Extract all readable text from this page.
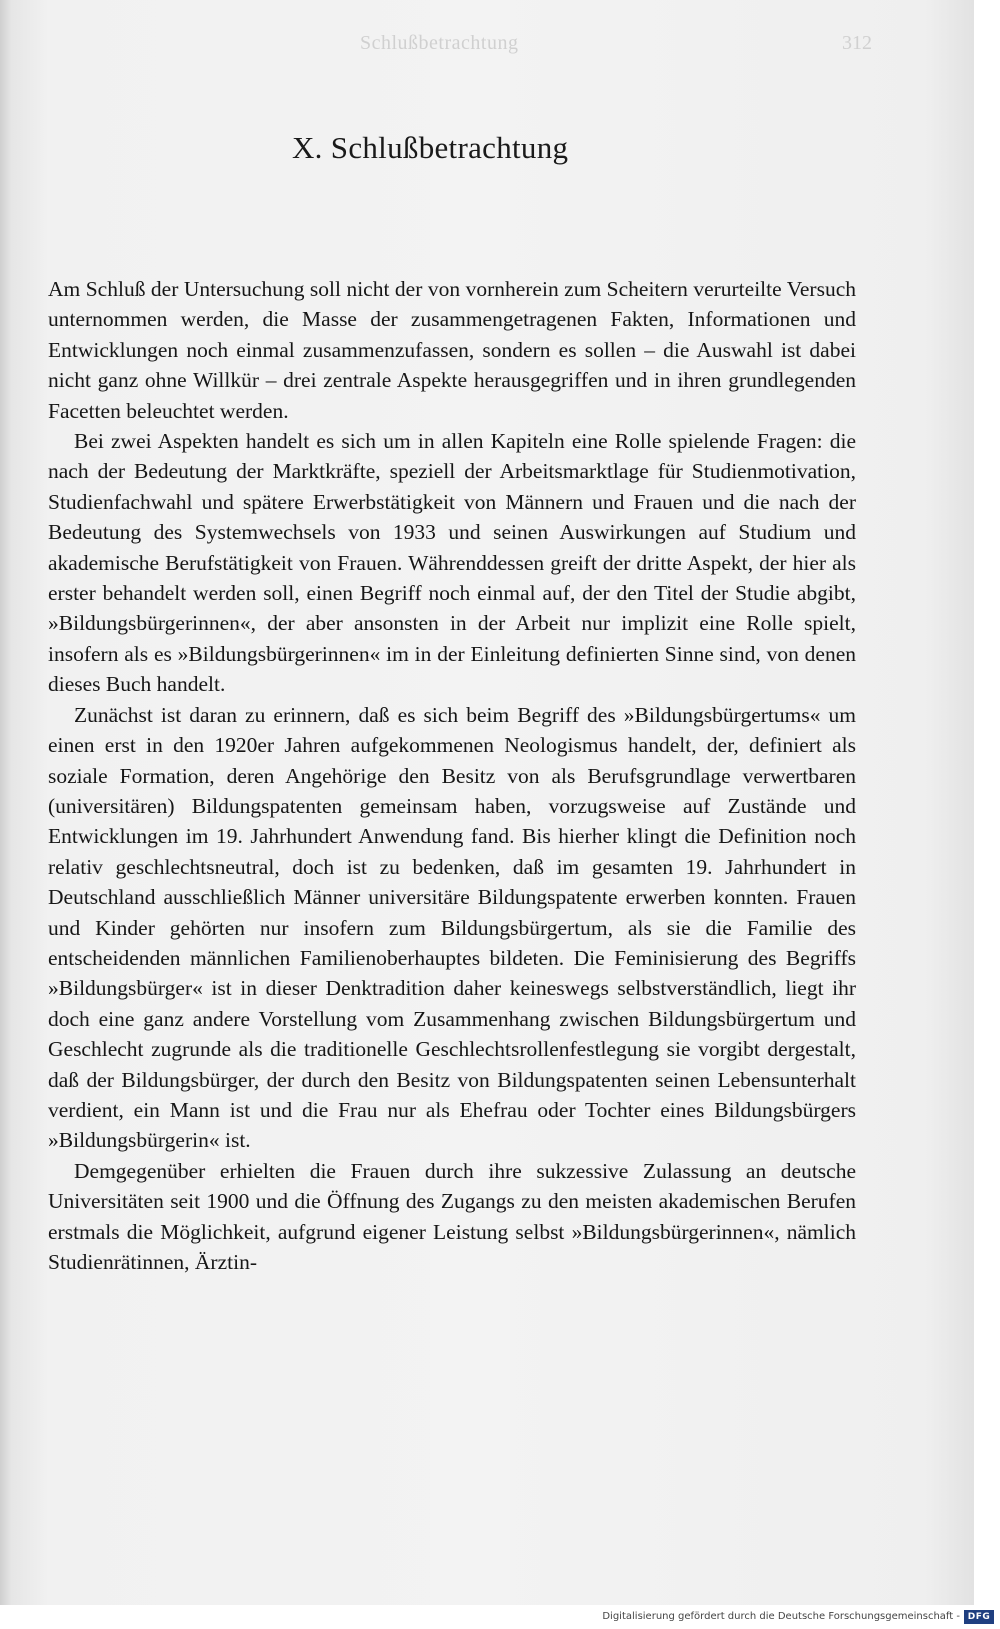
Schlußbetrachtung	312
X. Schlußbetrachtung

Am Schluß der Untersuchung soll nicht der von vornherein zum Scheitern verurteilte Versuch unternommen werden, die Masse der zusammengetragenen Fakten, Informationen und Entwicklungen noch einmal zusammenzufassen, sondern es sollen – die Auswahl ist dabei nicht ganz ohne Willkür – drei zentrale Aspekte herausgegriffen und in ihren grundlegenden Facetten beleuchtet werden.

Bei zwei Aspekten handelt es sich um in allen Kapiteln eine Rolle spielende Fragen: die nach der Bedeutung der Marktkräfte, speziell der Arbeitsmarktlage für Studienmotivation, Studienfachwahl und spätere Erwerbstätigkeit von Männern und Frauen und die nach der Bedeutung des Systemwechsels von 1933 und seinen Auswirkungen auf Studium und akademische Berufstätigkeit von Frauen. Währenddessen greift der dritte Aspekt, der hier als erster behandelt werden soll, einen Begriff noch einmal auf, der den Titel der Studie abgibt, »Bildungsbürgerinnen«, der aber ansonsten in der Arbeit nur implizit eine Rolle spielt, insofern als es »Bildungsbürgerinnen« im in der Einleitung definierten Sinne sind, von denen dieses Buch handelt.

Zunächst ist daran zu erinnern, daß es sich beim Begriff des »Bildungsbürgertums« um einen erst in den 1920er Jahren aufgekommenen Neologismus handelt, der, definiert als soziale Formation, deren Angehörige den Besitz von als Berufsgrundlage verwertbaren (universitären) Bildungspatenten gemeinsam haben, vorzugsweise auf Zustände und Entwicklungen im 19. Jahrhundert Anwendung fand. Bis hierher klingt die Definition noch relativ geschlechtsneutral, doch ist zu bedenken, daß im gesamten 19. Jahrhundert in Deutschland ausschließlich Männer universitäre Bildungspatente erwerben konnten. Frauen und Kinder gehörten nur insofern zum Bildungsbürgertum, als sie die Familie des entscheidenden männlichen Familienoberhauptes bildeten. Die Feminisierung des Begriffs »Bildungsbürger« ist in dieser Denktradition daher keineswegs selbstverständlich, liegt ihr doch eine ganz andere Vorstellung vom Zusammenhang zwischen Bildungsbürgertum und Geschlecht zugrunde als die traditionelle Geschlechtsrollenfestlegung sie vorgibt dergestalt, daß der Bildungsbürger, der durch den Besitz von Bildungspatenten seinen Lebensunterhalt verdient, ein Mann ist und die Frau nur als Ehefrau oder Tochter eines Bildungsbürgers »Bildungsbürgerin« ist.

Demgegenüber erhielten die Frauen durch ihre sukzessive Zulassung an deutsche Universitäten seit 1900 und die Öffnung des Zugangs zu den meisten akademischen Berufen erstmals die Möglichkeit, aufgrund eigener Leistung selbst »Bildungsbürgerinnen«, nämlich Studienrätinnen, Ärztin-

Digitalisierung gefördert durch die Deutsche Forschungsgemeinschaft - DFG
